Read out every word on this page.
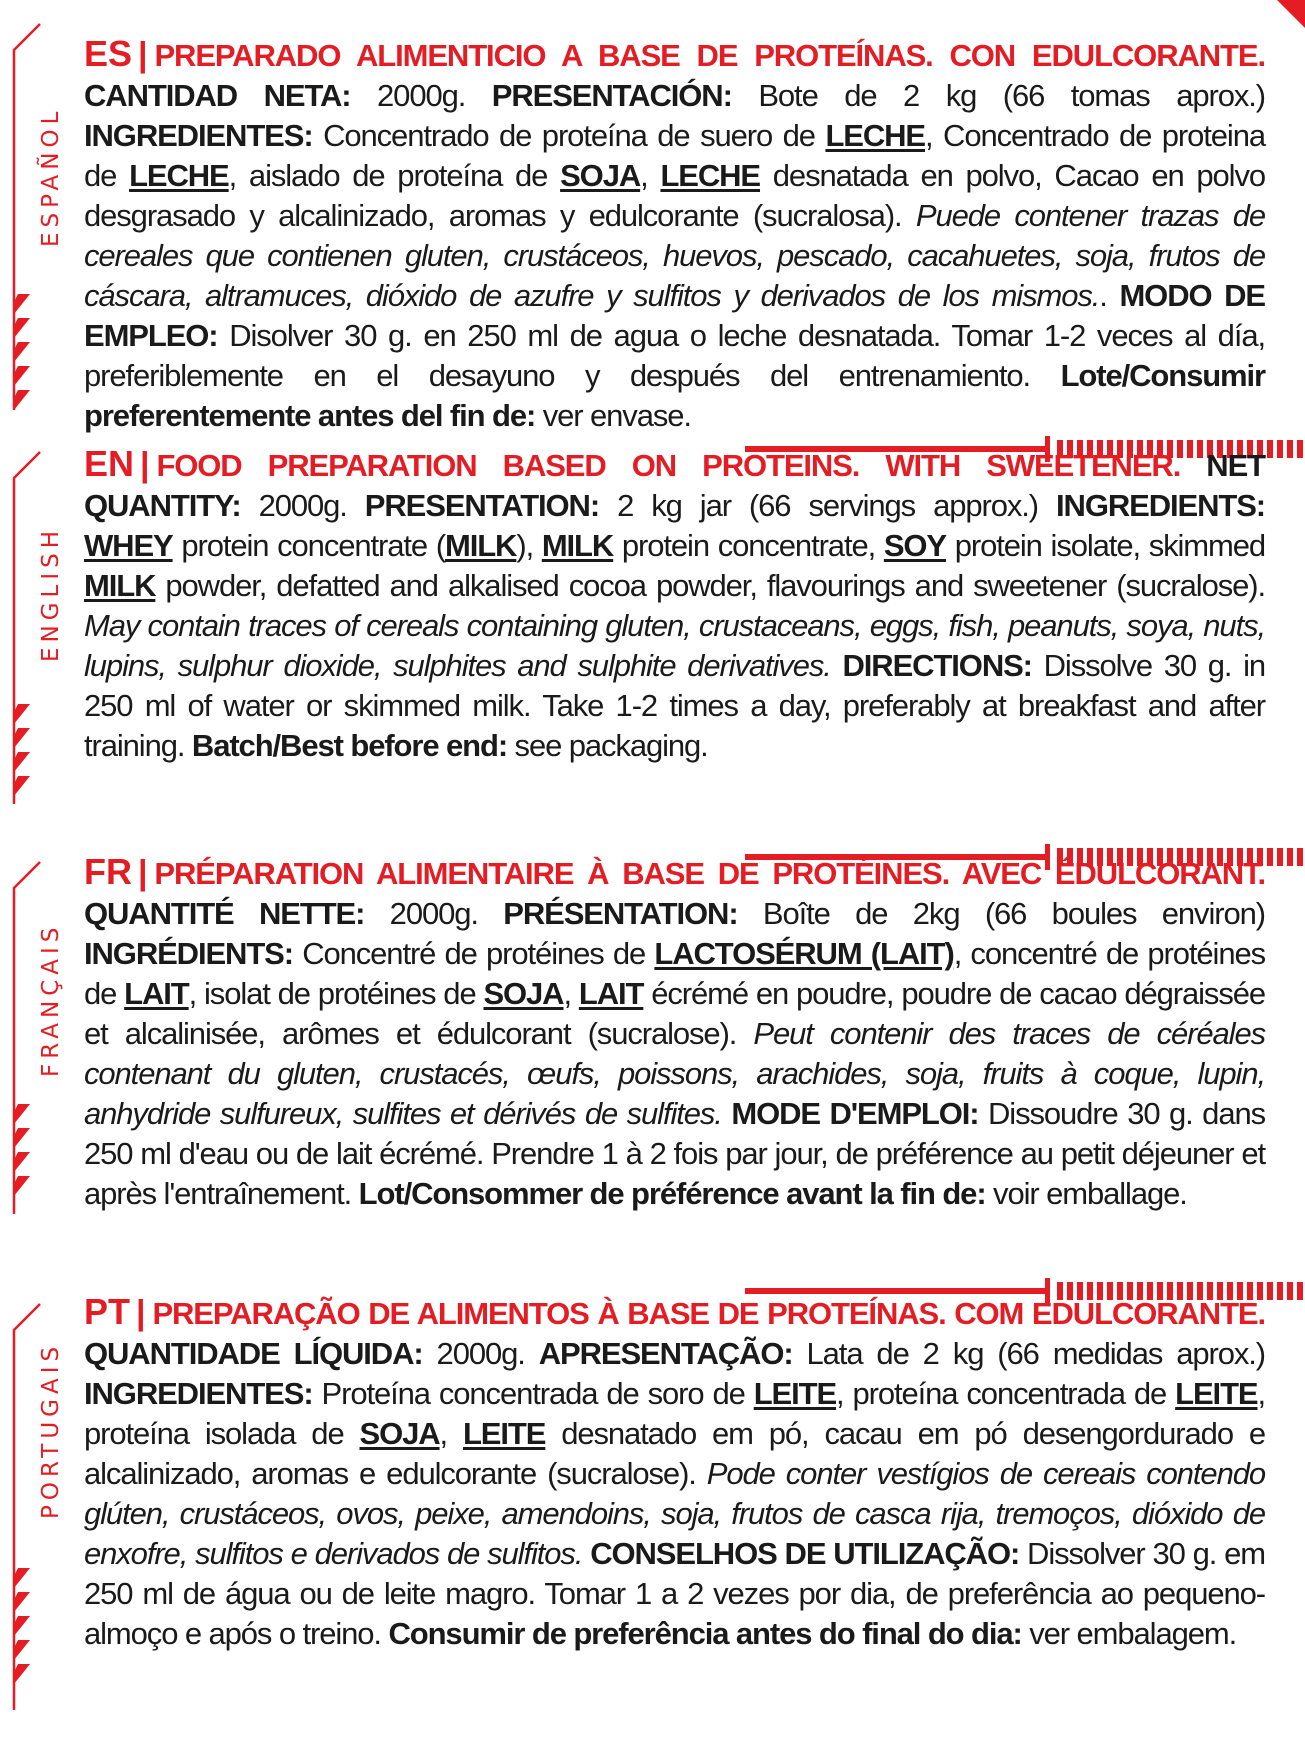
ESPAÑOL
ES | PREPARADO ALIMENTICIO A BASE DE PROTEÍNAS. CON EDULCORANTE. CANTIDAD NETA: 2000g. PRESENTACIÓN: Bote de 2 kg (66 tomas aprox.) INGREDIENTES: Concentrado de proteína de suero de LECHE, Concentrado de proteina de LECHE, aislado de proteína de SOJA, LECHE desnatada en polvo, Cacao en polvo desgrasado y alcalinizado, aromas y edulcorante (sucralosa). Puede contener trazas de cereales que contienen gluten, crustáceos, huevos, pescado, cacahuetes, soja, frutos de cáscara, altramuces, dióxido de azufre y sulfitos y derivados de los mismos.. MODO DE EMPLEO: Disolver 30 g. en 250 ml de agua o leche desnatada. Tomar 1-2 veces al día, preferiblemente en el desayuno y después del entrenamiento. Lote/Consumir preferentemente antes del fin de: ver envase.
ENGLISH
EN | FOOD PREPARATION BASED ON PROTEINS. WITH SWEETENER. NET QUANTITY: 2000g. PRESENTATION: 2 kg jar (66 servings approx.) INGREDIENTS: WHEY protein concentrate (MILK), MILK protein concentrate, SOY protein isolate, skimmed MILK powder, defatted and alkalised cocoa powder, flavourings and sweetener (sucralose). May contain traces of cereals containing gluten, crustaceans, eggs, fish, peanuts, soya, nuts, lupins, sulphur dioxide, sulphites and sulphite derivatives. DIRECTIONS: Dissolve 30 g. in 250 ml of water or skimmed milk. Take 1-2 times a day, preferably at breakfast and after training. Batch/Best before end: see packaging.
FRANÇAIS
FR | PRÉPARATION ALIMENTAIRE À BASE DE PROTÉINES. AVEC ÉDULCORANT. QUANTITÉ NETTE: 2000g. PRÉSENTATION: Boîte de 2kg (66 boules environ) INGRÉDIENTS: Concentré de protéines de LACTOSÉRUM (LAIT), concentré de protéines de LAIT, isolat de protéines de SOJA, LAIT écrémé en poudre, poudre de cacao dégraissée et alcalinisée, arômes et édulcorant (sucralose). Peut contenir des traces de céréales contenant du gluten, crustacés, œufs, poissons, arachides, soja, fruits à coque, lupin, anhydride sulfureux, sulfites et dérivés de sulfites. MODE D'EMPLOI: Dissoudre 30 g. dans 250 ml d'eau ou de lait écrémé. Prendre 1 à 2 fois par jour, de préférence au petit déjeuner et après l'entraînement. Lot/Consommer de préférence avant la fin de: voir emballage.
PORTUGAIS
PT | PREPARAÇÃO DE ALIMENTOS À BASE DE PROTEÍNAS. COM EDULCORANTE. QUANTIDADE LÍQUIDA: 2000g. APRESENTAÇÃO: Lata de 2 kg (66 medidas aprox.) INGREDIENTES: Proteína concentrada de soro de LEITE, proteína concentrada de LEITE, proteína isolada de SOJA, LEITE desnatado em pó, cacau em pó desengordurado e alcalinizado, aromas e edulcorante (sucralose). Pode conter vestígios de cereais contendo glúten, crustáceos, ovos, peixe, amendoins, soja, frutos de casca rija, tremoços, dióxido de enxofre, sulfitos e derivados de sulfitos. CONSELHOS DE UTILIZAÇÃO: Dissolver 30 g. em 250 ml de água ou de leite magro. Tomar 1 a 2 vezes por dia, de preferência ao pequeno-almoço e após o treino. Consumir de preferência antes do final do dia: ver embalagem.
